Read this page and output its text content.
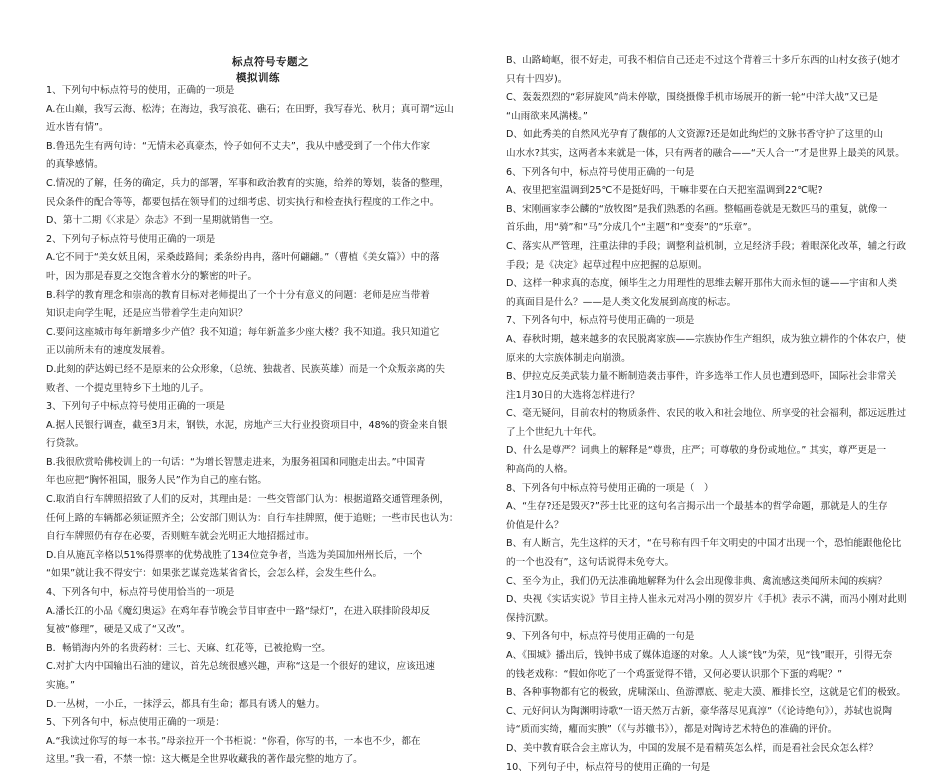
标点符号专题之
模拟训练
1、下列句中标点符号的使用，正确的一项是
A.在山巅，我写云海、松涛；在海边，我写浪花、礁石；在田野，我写春光、秋月；真可谓“远山
近水皆有情”。
B.鲁迅先生有两句诗：“无情未必真豪杰，怜子如何不丈夫”，我从中感受到了一个伟大作家
的真挚感情。
C.情况的了解，任务的确定，兵力的部署，军事和政治教育的实施，给养的筹划，装备的整理，
民众条件的配合等等，都要包括在领导们的过细考虑、切实执行和检查执行程度的工作之中。
D、第十二期《〈求是〉杂志》不到一星期就销售一空。
2、下列句子标点符号使用正确的一项是
A.它不同于“美女妖且闲，采桑歧路间；柔条纷冉冉，落叶何翩翩。”（曹植《美女篇》）中的落
叶，因为那是春夏之交饱含着水分的繁密的叶子。
B.科学的教育理念和崇高的教育目标对老师提出了一个十分有意义的问题：老师是应当带着
知识走向学生呢，还是应当带着学生走向知识？
C.要问这座城市每年新增多少产值？我不知道；每年新盖多少座大楼？我不知道。我只知道它
正以前所未有的速度发展着。
D.此刻的萨达姆已经不是原来的公众形象，（总统、独裁者、民族英雄）而是一个众叛亲离的失
败者、一个提克里特乡下土地的儿子。
3、下列句子中标点符号使用正确的一项是
A.据人民银行调查，截至3月末，钢铁，水泥，房地产三大行业投资项目中，48%的资金来自银
行贷款。
B.我很欣赏哈佛校训上的一句话：“为增长智慧走进来，为服务祖国和同胞走出去。”中国青
年也应把“胸怀祖国，服务人民”作为自己的座右铭。
C.取消自行车牌照招致了人们的反对，其理由是：一些交管部门认为：根据道路交通管理条例，
任何上路的车辆都必须证照齐全；公安部门则认为：自行车挂牌照，便于追赃；一些市民也认为：
自行车牌照仍有存在必要，否则赃车就会光明正大地招摇过市。
D.自从施瓦辛格以51%得票率的优势战胜了134位竞争者，当选为美国加州州长后，一个
“如果”就让我不得安宁：如果张艺谋竞选某省省长，会怎么样，会发生些什么。
4、下列各句中，标点符号使用恰当的一项是
A.潘长江的小品《魔幻奥运》在鸡年春节晚会节目审查中一路“绿灯”，在进入联排阶段却反
复被“修理”，硬是又成了“又改”。
B．畅销海内外的名贵药材：三七、天麻、红花等，已被抢购一空。
C.对扩大内中国输出石油的建议，首先总统很感兴趣，声称“这是一个很好的建议，应该迅速
实施。”
D.一丛树，一小丘，一抹浮云，都具有生命；都具有诱人的魅力。
5、下列各句中，标点使用正确的一项是：
A.“我读过你写的每一本书。”母亲拉开一个书柜说：“你看，你写的书，一本也不少，都在
这里。”我一看，不禁一惊：这大概是全世界收藏我的著作最完整的地方了。
B、山路崎岖，很不好走，可我不相信自己还走不过这个背着三十多斤东西的山村女孩子(她才
只有十四岁)。
C、轰轰烈烈的“彩屏旋风”尚未停歇，围绕摄像手机市场展开的新一轮“中洋大战”又已是
“山雨欲来风满楼。”
D、如此秀美的自然风光孕育了馥郁的人文资源?还是如此绚烂的文脉书香守护了这里的山
山水水?其实，这两者本来就是一体，只有两者的融合——“天人合一”才是世界上最美的风景。
6、下列各句中，标点符号使用正确的一句是
A、夜里把室温调到25℃不是挺好吗，干嘛非要在白天把室温调到22℃呢?
B、宋刚画家李公麟的“放牧图”是我们熟悉的名画。整幅画卷就是无数匹马的重复，就像一
首乐曲，用“骑”和“马”分成几个“主题”和“变奏”的“乐章”。
C、落实从严管理，注重法律的手段；调整利益机制，立足经济手段；着眼深化改革，辅之行政
手段；是《决定》起草过程中应把握的总原则。
D、这样一种求真的态度，倾毕生之力用理性的思维去解开那伟大而永恒的谜——宇宙和人类
的真面目是什么？——是人类文化发展到高度的标志。
7、下列各句中，标点符号使用正确的一项是
A、春秋时期，越来越多的农民脱离家族——宗族协作生产组织，成为独立耕作的个体农户，使
原来的大宗族体制走向崩溃。
B、伊拉克反美武装力量不断制造袭击事件，许多选举工作人员也遭到恐吓，国际社会非常关
注1月30日的大选将怎样进行？
C、毫无疑问，目前农村的物质条件、农民的收入和社会地位、所享受的社会福利，都远远胜过
了上个世纪九十年代。
D、什么是尊严？词典上的解释是“尊贵，庄严；可尊敬的身份或地位。” 其实，尊严更是一
种高尚的人格。
8、下列各句中标点符号使用正确的一项是（　）
A、“生存?还是毁灭?”莎士比亚的这句名言揭示出一个最基本的哲学命题，那就是人的生存
价值是什么？
B、有人断言，先生这样的天才，“在号称有四千年文明史的中国才出现一个，恐怕能跟他伦比
的一个也没有”，这句话说得未免夸大。
C、至今为止，我们仍无法准确地解释为什么会出现像非典、禽流感这类闻所未闻的疾病？
D、央视《实话实说》节目主持人崔永元对冯小刚的贺岁片《手机》表示不满，而冯小刚对此则
保持沉默。
9、下列各句中，标点符号使用正确的一句是
A、《围城》播出后，钱钟书成了媒体追逐的对象。人人谈“钱”为荣，见“钱”眼开，引得无奈
的钱老戏称：“假如你吃了一个鸡蛋觉得不错，又何必要认识那个下蛋的鸡呢？”
B、各种事物都有它的极致，虎啸深山、鱼游潭底、驼走大漠、雁排长空，这就是它们的极致。
C、元好问认为陶渊明诗歌“一语天然万古新，豪华落尽见真淳”（《论诗绝句》），苏轼也说陶
诗“质而实绮，癯而实腴”（《与苏辙书》），都是对陶诗艺术特色的准确的评价。
D、美中教育联合会主席认为，中国的发展不是看精英怎么样，而是看社会民众怎么样？
10、下列句子中，标点符号的使用正确的一句是
